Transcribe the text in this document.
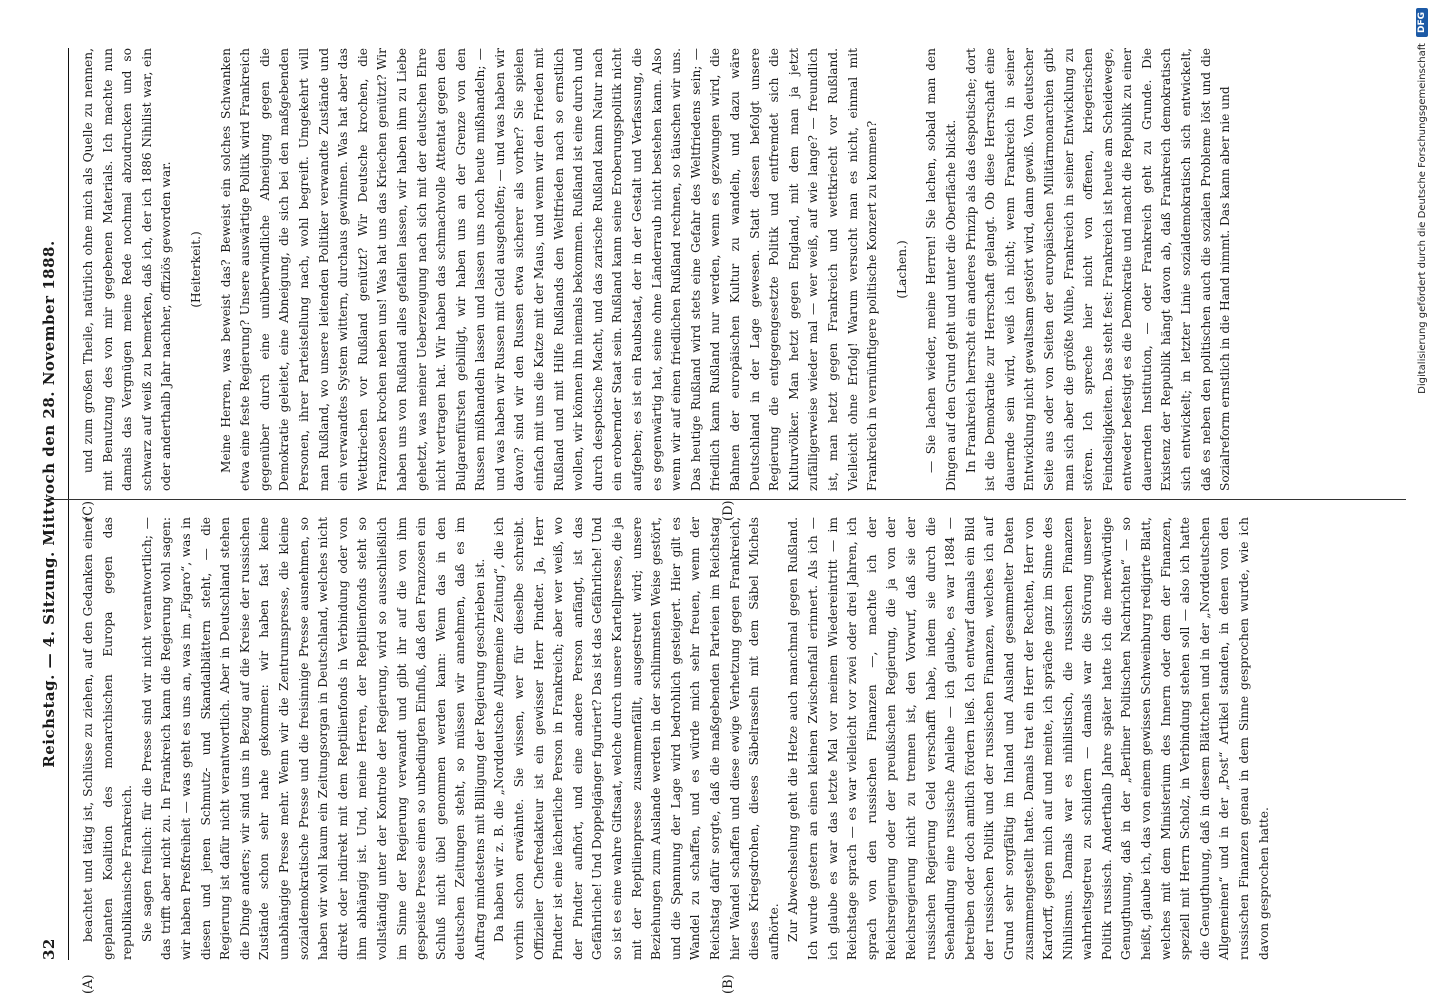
32
Reichstag. — 4. Sitzung. Mittwoch den 28. November 1888.
(A)	(B)

beachtet und tätig ist, Schlüsse zu ziehen, auf den Gedanken einer geplanten Koalition des monarchischen Europa gegen das republikanische Frankreich. Sie sagen freilich: für die Presse sind wir nicht verantwortlich; — das trifft aber nicht zu. In Frankreich kann die Regierung wohl sagen: wir haben Preßfreiheit — was geht es uns an, was im „Figaro“, was in diesen und jenen Schmutz- und Skandalblättern steht, — die Regierung ist dafür nicht verantwortlich. Aber in Deutschland stehen die Dinge anders; wir sind uns in Bezug auf die Kreise der russischen Zustände schon sehr nahe gekommen: wir haben fast keine unabhängige Presse mehr. Wenn wir die Zentrumspresse, die kleine sozialdemokratische Presse und die freisinnige Presse ausnehmen, so haben wir wohl kaum ein Zeitungsorgan in Deutschland, welches nicht direkt oder indirekt mit dem Reptilienfonds in Verbindung oder von ihm abhängig ist. Und, meine Herren, der Reptilienfonds steht so vollständig unter der Kontrole der Regierung, wird so ausschließlich im Sinne der Regierung verwandt und gibt ihr auf die von ihm gespeiste Presse einen so unbedingten Einfluß, daß den Franzosen ein Schluß nicht übel genommen werden kann: Wenn das in den deutschen Zeitungen steht, so müssen wir annehmen, daß es im Auftrag mindestens mit Billigung der Regierung geschrieben ist. Da haben wir z. B. die „Norddeutsche Allgemeine Zeitung“, die ich vorhin schon erwähnte. Sie wissen, wer für dieselbe schreibt. Offizieller Chefredakteur ist ein gewisser Herr Pindter. Ja, Herr Pindter ist eine lächerliche Person in Frankreich; aber wer weiß, wo der Pindter aufhört, und eine andere Person anfängt, ist das Gefährliche! Und Doppelgänger figuriert? Das ist das Gefährliche! Und so ist es eine wahre Giftsaat, welche durch unsere Kartellpresse, die ja mit der Reptilienpresse zusammenfällt, ausgestreut wird; unsere Beziehungen zum Auslande werden in der schlimmsten Weise gestört, und die Spannung der Lage wird bedrohlich gesteigert. Hier gilt es Wandel zu schaffen, und es würde mich sehr freuen, wenn der Reichstag dafür sorgte, daß die maßgebenden Parteien im Reichstag hier Wandel schaffen und diese ewige Verhetzung gegen Frankreich, dieses Kriegsdrohen, dieses Säbelrasseln mit dem Säbel Michels aufhörte. Zur Abwechselung geht die Hetze auch manchmal gegen Rußland. Ich wurde gestern an einen kleinen Zwischenfall erinnert. Als ich — ich glaube es war das letzte Mal vor meinem Wiedereintritt — im Reichstage sprach — es war vielleicht vor zwei oder drei Jahren, ich sprach von den russischen Finanzen —, machte ich der Reichsregierung oder der preußischen Regierung, die ja von der Reichsregierung nicht zu trennen ist, den Vorwurf, daß sie der russischen Regierung Geld verschafft habe, indem sie durch die Seehandlung eine russische Anleihe — ich glaube, es war 1884 — betreiben oder doch amtlich fördern ließ. Ich entwarf damals ein Bild der russischen Politik und der russischen Finanzen, welches ich auf Grund sehr sorgfältig im Inland und Ausland gesammelter Daten zusammengestellt hatte. Damals trat ein Herr der Rechten, Herr von Kardorff, gegen mich auf und meinte, ich spräche ganz im Sinne des Nihilismus. Damals war es nihilistisch, die russischen Finanzen wahrheitsgetreu zu schildern — damals war die Störung unserer Politik russisch. Anderthalb Jahre später hatte ich die merkwürdige Genugthuung, daß in der „Berliner Politischen Nachrichten“ — so heißt, glaube ich, das von einem gewissen Schweinburg redigirte Blatt, welches mit dem Ministerium des Innern oder dem der Finanzen, speziell mit Herrn Scholz, in Verbindung stehen soll — also ich hatte die Genugthuung, daß in diesem Blättchen und in der „Norddeutschen Allgemeinen“ und in der „Post“ Artikel standen, in denen von den russischen Finanzen genau in dem Sinne gesprochen wurde, wie ich davon gesprochen hatte.

(C)	(D)

und zum großen Theile, natürlich ohne mich als Quelle zu nennen, mit Benutzung des von mir gegebenen Materials. Ich machte nun damals das Vergnügen meine Rede nochmal abzudrucken und so schwarz auf weiß zu bemerken, daß ich, der ich 1886 Nihilist war, ein oder anderthalb Jahr nachher, offiziös geworden war. (Heiterkeit.) Meine Herren, was beweist das? Beweist ein solches Schwanken etwa eine feste Regierung? Unsere auswärtige Politik wird Frankreich gegenüber durch eine unüberwindliche Abneigung gegen die Demokratie geleitet, eine Abneigung, die sich bei den maßgebenden Personen, ihrer Parteistellung nach, wohl begreift. Umgekehrt will man Rußland, wo unsere leitenden Politiker verwandte Zustände und ein verwandtes System wittern, durchaus gewinnen. Was hat aber das Wettkriechen vor Rußland genützt? Wir Deutsche krochen, die Franzosen krochen neben uns! Was hat uns das Kriechen genützt? Wir haben uns von Rußland alles gefallen lassen, wir haben ihm zu Liebe gehetzt, was meiner Ueberzeugung nach sich mit der deutschen Ehre nicht vertragen hat. Wir haben das schmachvolle Attentat gegen den Bulgarenfürsten gebilligt, wir haben uns an der Grenze von den Russen mißhandeln lassen und lassen uns noch heute mißhandeln; — und was haben wir Russen mit Geld ausgeholfen; — und was haben wir davon? sind wir den Russen etwa sicherer als vorher? Sie spielen einfach mit uns die Katze mit der Maus, und wenn wir den Frieden mit Rußland und mit Hilfe Rußlands den Weltfrieden nach so ernstlich wollen, wir können ihn niemals bekommen. Rußland ist eine durch und durch despotische Macht, und das zarische Rußland kann Natur nach ein erobernder Staat sein. Rußland kann seine Eroberungspolitik nicht aufgeben; es ist ein Raubstaat, der in der Gestalt und Verfassung, die es gegenwärtig hat, seine ohne Länderraub nicht bestehen kann. Also wenn wir auf einen friedlichen Rußland rechnen, so täuschen wir uns. Das heutige Rußland wird stets eine Gefahr des Weltfriedens sein; — friedlich kann Rußland nur werden, wenn es gezwungen wird, die Bahnen der europäischen Kultur zu wandeln, und dazu wäre Deutschland in der Lage gewesen. Statt dessen befolgt unsere Regierung die entgegengesetzte Politik und entfremdet sich die Kulturvölker. Man hetzt gegen England, mit dem man ja jetzt zufälligerweise wieder mal — wer weiß, auf wie lange? — freundlich ist, man hetzt gegen Frankreich und wettkriecht vor Rußland. Vielleicht ohne Erfolg! Warum versucht man es nicht, einmal mit Frankreich in vernünftigere politische Konzert zu kommen? (Lachen.) — Sie lachen wieder, meine Herren! Sie lachen, sobald man den Dingen auf den Grund geht und unter die Oberfläche blickt. In Frankreich herrscht ein anderes Prinzip als das despotische; dort ist die Demokratie zur Herrschaft gelangt. Ob diese Herrschaft eine dauernde sein wird, weiß ich nicht; wenn Frankreich in seiner Entwicklung nicht gewaltsam gestört wird, dann gewiß. Von deutscher Seite aus oder von Seiten der europäischen Militärmonarchien gibt man sich aber die größte Mühe, Frankreich in seiner Entwicklung zu stören. Ich spreche hier nicht von offenen, kriegerischen Feindseligkeiten. Das steht fest: Frankreich ist heute am Scheidewege, entweder befestigt es die Demokratie und macht die Republik zu einer dauernden Institution, — oder Frankreich geht zu Grunde. Die Existenz der Republik hängt davon ab, daß Frankreich demokratisch sich entwickelt; in letzter Linie sozialdemokratisch sich entwickelt, daß es neben den politischen auch die sozialen Probleme löst und die Sozialreform ernstlich in die Hand nimmt. Das kann aber nie und	Digitalisierung gefördert durch die Deutsche Forschungsgemeinschaft
DFG
